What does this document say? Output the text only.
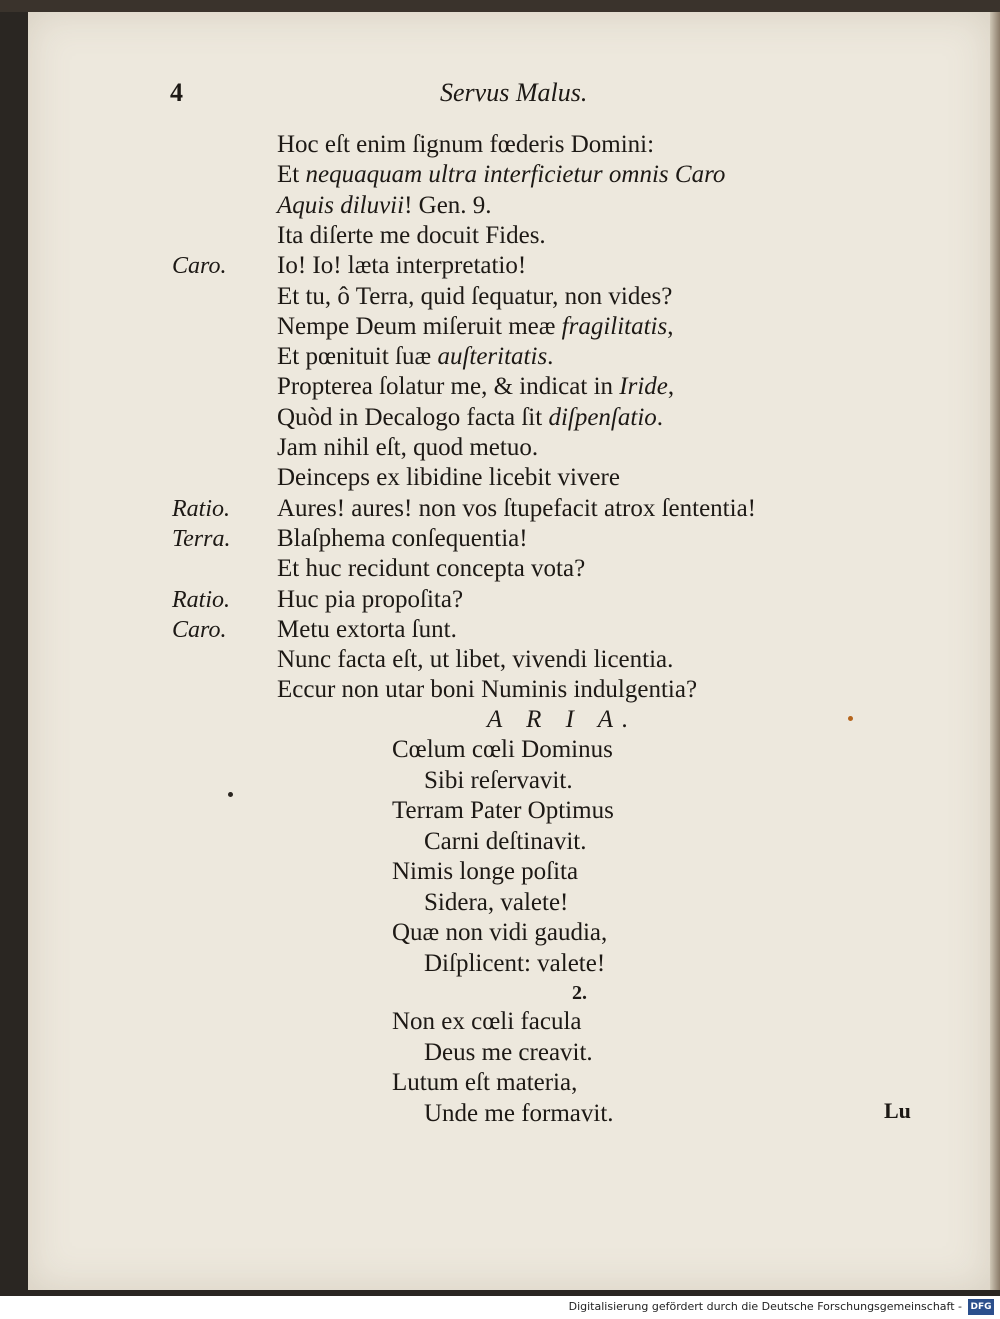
4	Servus Malus.
Hoc eſt enim ſignum fœderis Domini:
Et nequaquam ultra interficietur omnis Caro
Aquis diluvii! Gen. 9.
Ita diſerte me docuit Fides.
Caro. Io! Io! læta interpretatio!
Et tu, ô Terra, quid ſequatur, non vides?
Nempe Deum miſeruit meæ fragilitatis,
Et pœnituit ſuæ auſteritatis.
Propterea ſolatur me, & indicat in Iride,
Quòd in Decalogo facta ſit diſpenſatio.
Jam nihil eſt, quod metuo.
Deinceps ex libidine licebit vivere
Ratio. Aures! aures! non vos ſtupefacit atrox ſententia!
Terra. Blaſphema conſequentia!
Et huc recidunt concepta vota?
Ratio. Huc pia propoſita?
Caro. Metu extorta ſunt.
Nunc facta eſt, ut libet, vivendi licentia.
Eccur non utar boni Numinis indulgentia?
A R I A.
Cœlum cœli Dominus
Sibi reſervavit.
Terram Pater Optimus
Carni deſtinavit.
Nimis longe poſita
Sidera, valete!
Quæ non vidi gaudia,
Diſplicent: valete!
2.
Non ex cœli facula
Deus me creavit.
Lutum eſt materia,
Unde me formavit.	Lu
Digitalisierung gefördert durch die Deutsche Forschungsgemeinschaft - DFG
